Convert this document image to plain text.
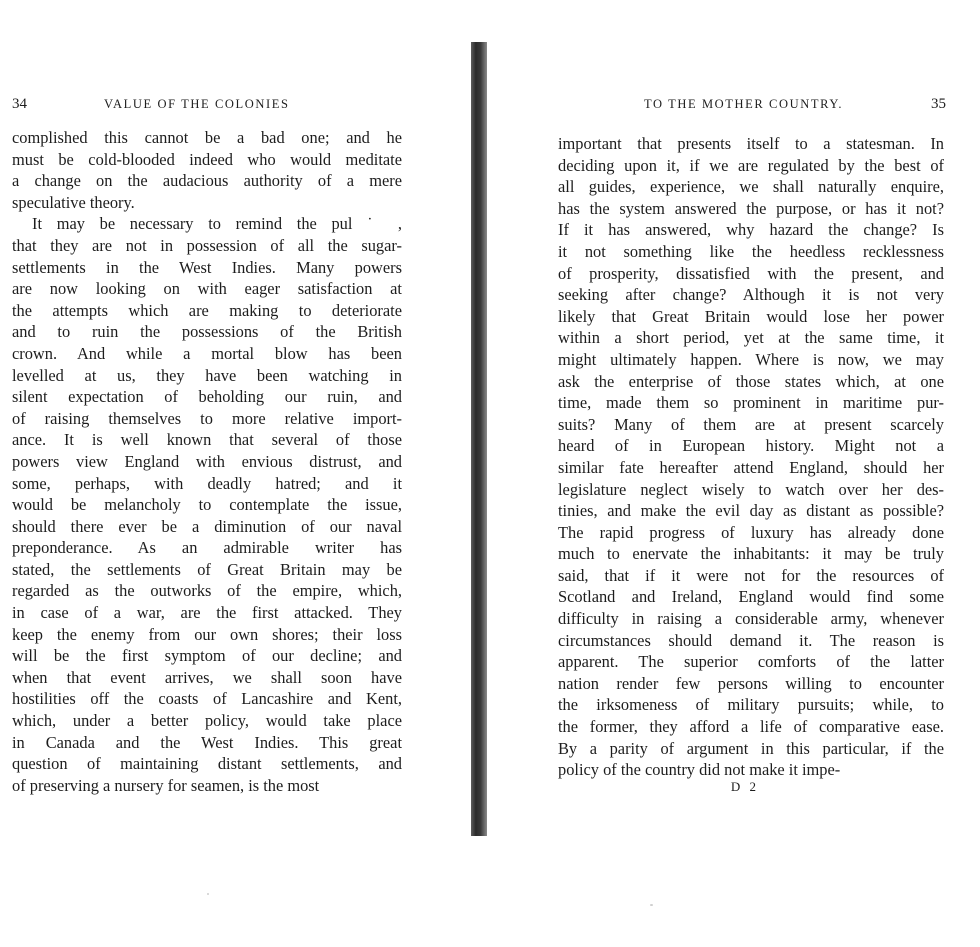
34	VALUE OF THE COLONIES
complished this cannot be a bad one; and he
must be cold-blooded indeed who would meditate
a change on the audacious authority of a mere
speculative theory.
It may be necessary to remind the pul ˙ ,
that they are not in possession of all the sugar-
settlements in the West Indies. Many powers
are now looking on with eager satisfaction at
the attempts which are making to deteriorate
and to ruin the possessions of the British
crown. And while a mortal blow has been
levelled at us, they have been watching in
silent expectation of beholding our ruin, and
of raising themselves to more relative import-
ance. It is well known that several of those
powers view England with envious distrust, and
some, perhaps, with deadly hatred; and it
would be melancholy to contemplate the issue,
should there ever be a diminution of our naval
preponderance. As an admirable writer has
stated, the settlements of Great Britain may be
regarded as the outworks of the empire, which,
in case of a war, are the first attacked. They
keep the enemy from our own shores; their loss
will be the first symptom of our decline; and
when that event arrives, we shall soon have
hostilities off the coasts of Lancashire and Kent,
which, under a better policy, would take place
in Canada and the West Indies. This great
question of maintaining distant settlements, and
of preserving a nursery for seamen, is the most
TO THE MOTHER COUNTRY.	35
important that presents itself to a statesman. In
deciding upon it, if we are regulated by the best of
all guides, experience, we shall naturally enquire,
has the system answered the purpose, or has it not?
If it has answered, why hazard the change? Is
it not something like the heedless recklessness
of prosperity, dissatisfied with the present, and
seeking after change? Although it is not very
likely that Great Britain would lose her power
within a short period, yet at the same time, it
might ultimately happen. Where is now, we may
ask the enterprise of those states which, at one
time, made them so prominent in maritime pur-
suits? Many of them are at present scarcely
heard of in European history. Might not a
similar fate hereafter attend England, should her
legislature neglect wisely to watch over her des-
tinies, and make the evil day as distant as possible?
The rapid progress of luxury has already done
much to enervate the inhabitants: it may be truly
said, that if it were not for the resources of
Scotland and Ireland, England would find some
difficulty in raising a considerable army, whenever
circumstances should demand it. The reason is
apparent. The superior comforts of the latter
nation render few persons willing to encounter
the irksomeness of military pursuits; while, to
the former, they afford a life of comparative ease.
By a parity of argument in this particular, if the
policy of the country did not make it impe-
D 2
